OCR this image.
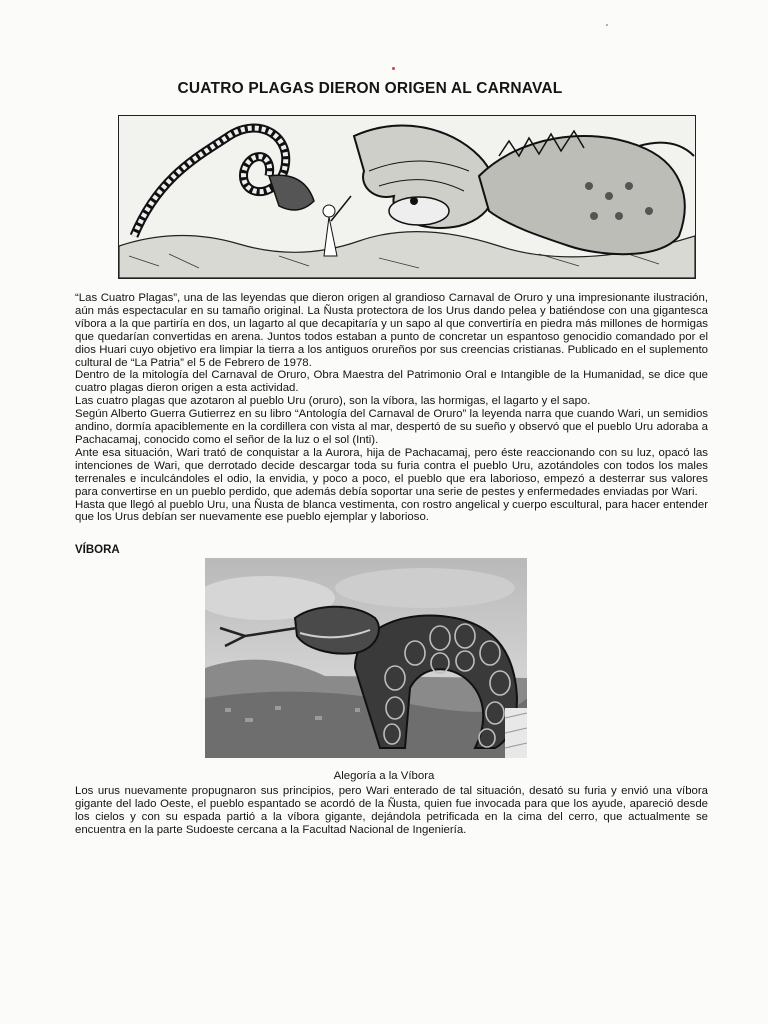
CUATRO PLAGAS DIERON ORIGEN AL CARNAVAL

“Las Cuatro Plagas”, una de las leyendas que dieron origen al grandioso Carnaval de Oruro y una impresionante ilustración, aún más espectacular en su tamaño original. La Ñusta protectora de los Urus dando pelea y batiéndose con una gigantesca víbora a la que partiría en dos, un lagarto al que decapitaría y un sapo al que convertiría en piedra más millones de hormigas que quedarían convertidas en arena. Juntos todos estaban a punto de concretar un espantoso genocidio comandado por el dios Huari cuyo objetivo era limpiar la tierra a los antiguos orureños por sus creencias cristianas. Publicado en el suplemento cultural de “La Patria” el 5 de Febrero de 1978.

Dentro de la mitología del Carnaval de Oruro, Obra Maestra del Patrimonio Oral e Intangible de la Humanidad, se dice que cuatro plagas dieron origen a esta actividad.

Las cuatro plagas que azotaron al pueblo Uru (oruro), son la víbora, las hormigas, el lagarto y el sapo.

Según Alberto Guerra Gutierrez en su libro “Antología del Carnaval de Oruro” la leyenda narra que cuando Wari, un semidios andino, dormía apaciblemente en la cordillera con vista al mar, despertó de su sueño y observó que el pueblo Uru adoraba a Pachacamaj, conocido como el señor de la luz o el sol (Inti).

Ante esa situación, Wari trató de conquistar a la Aurora, hija de Pachacamaj, pero éste reaccionando con su luz, opacó las intenciones de Wari, que derrotado decide descargar toda su furia contra el pueblo Uru, azotándoles con todos los males terrenales e inculcándoles el odio, la envidia, y poco a poco, el pueblo que era laborioso, empezó a desterrar sus valores para convertirse en un pueblo perdido, que además debía soportar una serie de pestes y enfermedades enviadas por Wari.

Hasta que llegó al pueblo Uru, una Ñusta de blanca vestimenta, con rostro angelical y cuerpo escultural, para hacer entender que los Urus debían ser nuevamente ese pueblo ejemplar y laborioso.

VÍBORA
Alegoría a la Víbora

Los urus nuevamente propugnaron sus principios, pero Wari enterado de tal situación, desató su furia y envió una víbora gigante del lado Oeste, el pueblo espantado se acordó de la Ñusta, quien fue invocada para que los ayude, apareció desde los cielos y con su espada partió a la víbora gigante, dejándola petrificada en la cima del cerro, que actualmente se encuentra en la parte Sudoeste cercana a la Facultad Nacional de Ingeniería.
